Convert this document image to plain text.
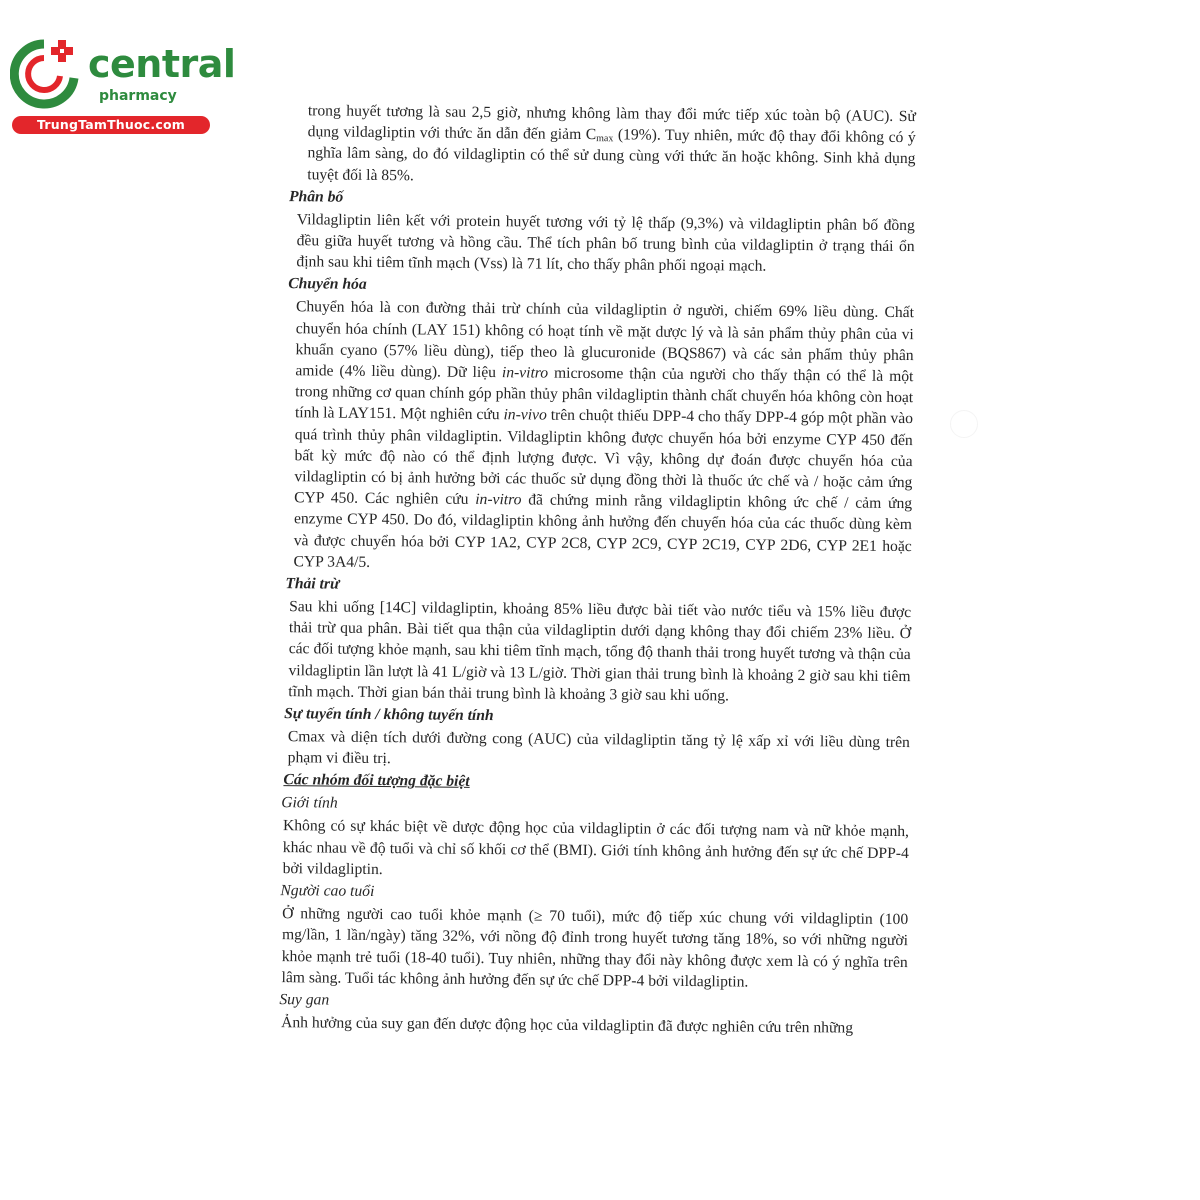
central
pharmacy
TrungTamThuoc.com	trong huyết tương là sau 2,5 giờ, nhưng không làm thay đổi mức tiếp xúc toàn bộ (AUC). Sử dụng vildagliptin với thức ăn dẫn đến giảm $C_{max}$ (19%). Tuy nhiên, mức độ thay đổi không có ý nghĩa lâm sàng, do đó vildagliptin có thể sử dung cùng với thức ăn hoặc không. Sinh khả dụng tuyệt đối là 85%.

Phân bố

Vildagliptin liên kết với protein huyết tương với tỷ lệ thấp (9,3%) và vildagliptin phân bố đồng đều giữa huyết tương và hồng cầu. Thể tích phân bố trung bình của vildagliptin ở trạng thái ổn định sau khi tiêm tĩnh mạch (Vss) là 71 lít, cho thấy phân phối ngoại mạch.

Chuyển hóa

Chuyển hóa là con đường thải trừ chính của vildagliptin ở người, chiếm 69% liều dùng. Chất chuyển hóa chính (LAY 151) không có hoạt tính về mặt dược lý và là sản phẩm thủy phân của vi khuẩn cyano (57% liều dùng), tiếp theo là glucuronide (BQS867) và các sản phẩm thủy phân amide (4% liều dùng). Dữ liệu in-vitro microsome thận của người cho thấy thận có thể là một trong những cơ quan chính góp phần thủy phân vildagliptin thành chất chuyển hóa không còn hoạt tính là LAY151. Một nghiên cứu in-vivo trên chuột thiếu DPP-4 cho thấy DPP-4 góp một phần vào quá trình thủy phân vildagliptin. Vildagliptin không được chuyển hóa bởi enzyme CYP 450 đến bất kỳ mức độ nào có thể định lượng được. Vì vậy, không dự đoán được chuyển hóa của vildagliptin có bị ảnh hưởng bởi các thuốc sử dụng đồng thời là thuốc ức chế và / hoặc cảm ứng CYP 450. Các nghiên cứu in-vitro đã chứng minh rằng vildagliptin không ức chế / cảm ứng enzyme CYP 450. Do đó, vildagliptin không ảnh hưởng đến chuyển hóa của các thuốc dùng kèm và được chuyển hóa bởi CYP 1A2, CYP 2C8, CYP 2C9, CYP 2C19, CYP 2D6, CYP 2E1 hoặc CYP 3A4/5.

Thải trừ

Sau khi uống [14C] vildagliptin, khoảng 85% liều được bài tiết vào nước tiểu và 15% liều được thải trừ qua phân. Bài tiết qua thận của vildagliptin dưới dạng không thay đổi chiếm 23% liều. Ở các đối tượng khỏe mạnh, sau khi tiêm tĩnh mạch, tổng độ thanh thải trong huyết tương và thận của vildagliptin lần lượt là 41 L/giờ và 13 L/giờ. Thời gian thải trung bình là khoảng 2 giờ sau khi tiêm tĩnh mạch. Thời gian bán thải trung bình là khoảng 3 giờ sau khi uống.

Sự tuyến tính / không tuyến tính

Cmax và diện tích dưới đường cong (AUC) của vildagliptin tăng tỷ lệ xấp xỉ với liều dùng trên phạm vi điều trị.

Các nhóm đối tượng đặc biệt
Giới tính

Không có sự khác biệt về dược động học của vildagliptin ở các đối tượng nam và nữ khỏe mạnh, khác nhau về độ tuổi và chỉ số khối cơ thể (BMI). Giới tính không ảnh hưởng đến sự ức chế DPP-4 bởi vildagliptin.

Người cao tuổi

Ở những người cao tuổi khỏe mạnh (≥ 70 tuổi), mức độ tiếp xúc chung với vildagliptin (100 mg/lần, 1 lần/ngày) tăng 32%, với nồng độ đỉnh trong huyết tương tăng 18%, so với những người khỏe mạnh trẻ tuổi (18-40 tuổi). Tuy nhiên, những thay đổi này không được xem là có ý nghĩa trên lâm sàng. Tuổi tác không ảnh hưởng đến sự ức chế DPP-4 bởi vildagliptin.

Suy gan

Ảnh hưởng của suy gan đến dược động học của vildagliptin đã được nghiên cứu trên những
